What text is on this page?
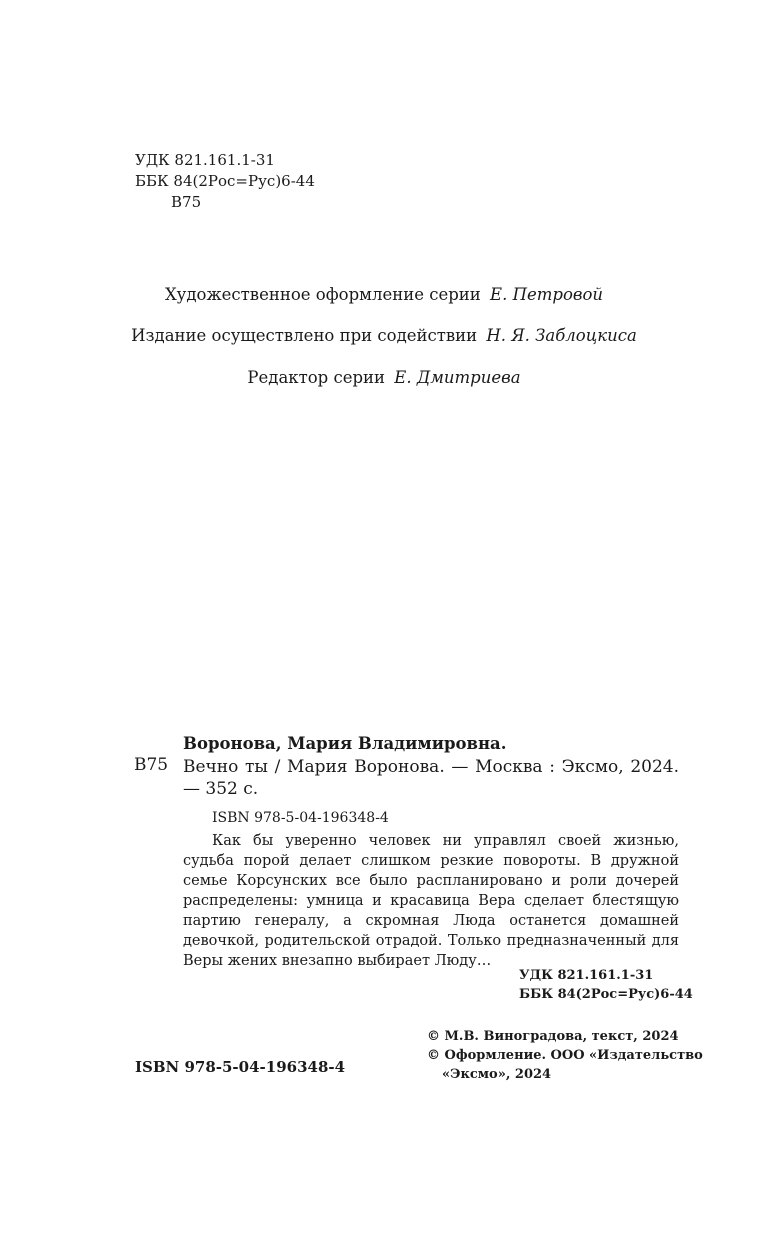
УДК 821.161.1-31
ББК 84(2Рос=Рус)6-44
В75
Художественное оформление серии Е. Петровой
Издание осуществлено при содействии Н. Я. Заблоцкиса
Редактор серии Е. Дмитриева
В75
Воронова, Мария Владимировна.
Вечно ты / Мария Воронова. — Москва : Эксмо, 2024. — 352 с.
ISBN 978-5-04-196348-4
Как бы уверенно человек ни управлял своей жизнью, судьба порой делает слишком резкие повороты. В дружной семье Корсунских все было распланировано и роли дочерей распределены: умница и красавица Вера сделает блестящую партию генералу, а скромная Люда останется домашней девочкой, родительской отрадой. Только предназначенный для Веры жених внезапно выбирает Люду…
УДК 821.161.1-31
ББК 84(2Рос=Рус)6-44
ISBN 978-5-04-196348-4
© М.В. Виноградова, текст, 2024
© Оформление. ООО «Издательство
«Эксмо», 2024
